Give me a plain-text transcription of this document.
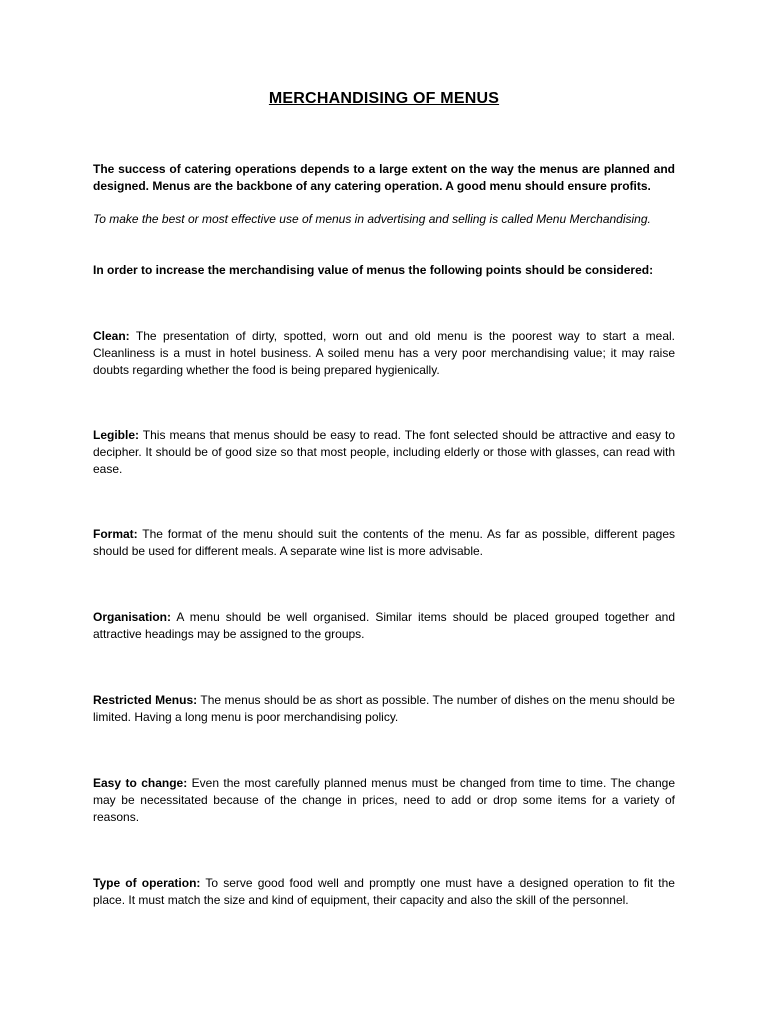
MERCHANDISING OF MENUS

The success of catering operations depends to a large extent on the way the menus are planned and designed. Menus are the backbone of any catering operation. A good menu should ensure profits.

To make the best or most effective use of menus in advertising and selling is called Menu Merchandising.

In order to increase the merchandising value of menus the following points should be considered:

Clean: The presentation of dirty, spotted, worn out and old menu is the poorest way to start a meal. Cleanliness is a must in hotel business. A soiled menu has a very poor merchandising value; it may raise doubts regarding whether the food is being prepared hygienically.

Legible: This means that menus should be easy to read. The font selected should be attractive and easy to decipher. It should be of good size so that most people, including elderly or those with glasses, can read with ease.

Format: The format of the menu should suit the contents of the menu. As far as possible, different pages should be used for different meals. A separate wine list is more advisable.

Organisation: A menu should be well organised. Similar items should be placed grouped together and attractive headings may be assigned to the groups.

Restricted Menus: The menus should be as short as possible. The number of dishes on the menu should be limited. Having a long menu is poor merchandising policy.

Easy to change: Even the most carefully planned menus must be changed from time to time. The change may be necessitated because of the change in prices, need to add or drop some items for a variety of reasons.

Type of operation: To serve good food well and promptly one must have a designed operation to fit the place. It must match the size and kind of equipment, their capacity and also the skill of the personnel.
